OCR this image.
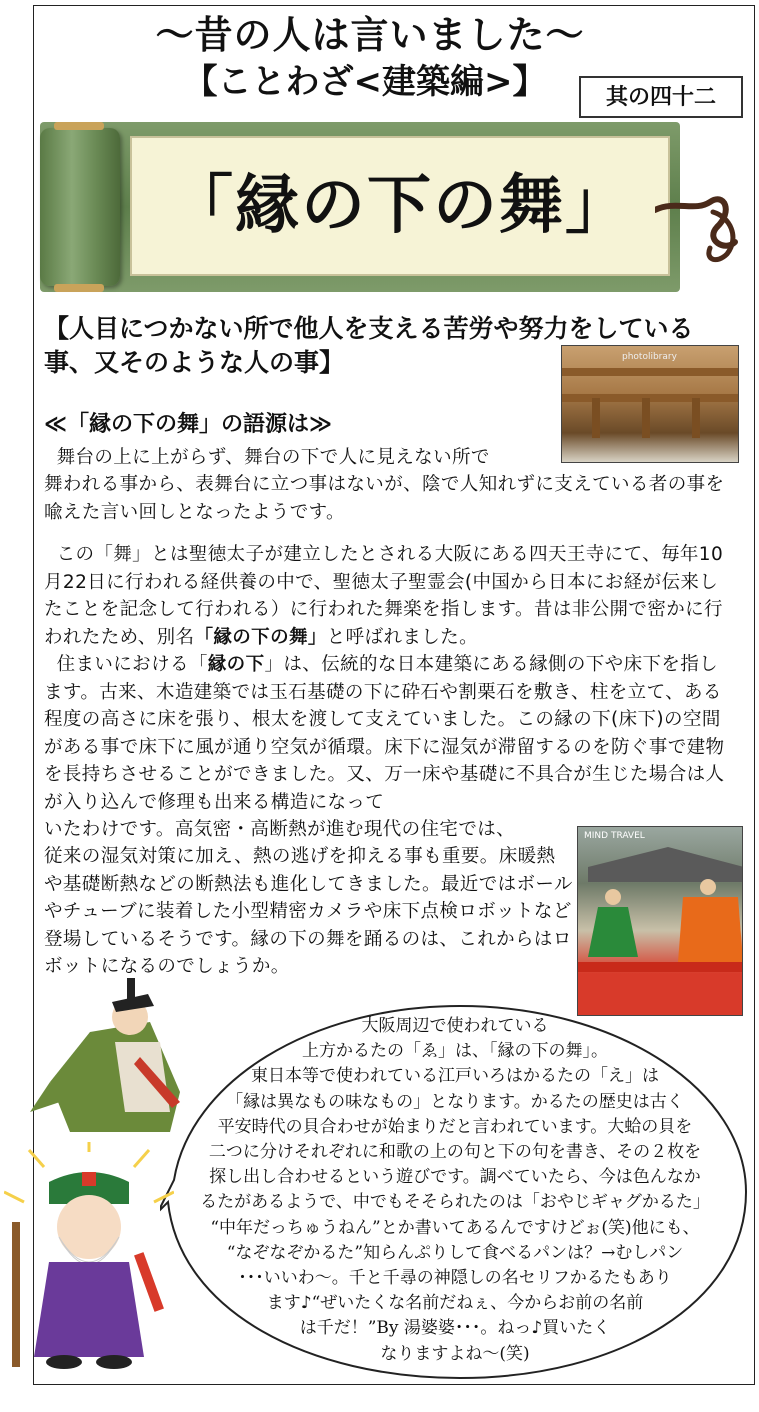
～昔の人は言いました～
【ことわざ<建築編>】	其の四十二
「縁の下の舞」
【人目につかない所で他人を支える苦労や努力をしている事、又そのような人の事】	photolibrary
≪「縁の下の舞」の語源は≫
舞台の上に上がらず、舞台の下で人に見えない所で
舞われる事から、表舞台に立つ事はないが、陰で人知れずに支えている者の事を喩えた言い回しとなったようです。
この「舞」とは聖徳太子が建立したとされる大阪にある四天王寺にて、毎年10月22日に行われる経供養の中で、聖徳太子聖霊会(中国から日本にお経が伝来したことを記念して行われる）に行われた舞楽を指します。昔は非公開で密かに行われたため、別名「縁の下の舞」と呼ばれました。
住まいにおける「縁の下」は、伝統的な日本建築にある縁側の下や床下を指します。古来、木造建築では玉石基礎の下に砕石や割栗石を敷き、柱を立て、ある程度の高さに床を張り、根太を渡して支えていました。この縁の下(床下)の空間がある事で床下に風が通り空気が循環。床下に湿気が滞留するのを防ぐ事で建物を長持ちさせることができました。又、万一床や基礎に不具合が生じた場合は人が入り込んで修理も出来る構造になって
いたわけです。高気密・高断熱が進む現代の住宅では、
従来の湿気対策に加え、熱の逃げを抑える事も重要。床暖熱や基礎断熱などの断熱法も進化してきました。最近ではボールやチューブに装着した小型精密カメラや床下点検ロボットなど登場しているそうです。縁の下の舞を踊るのは、これからはロボットになるのでしょうか。
MIND TRAVEL
大阪周辺で使われている
上方かるたの「ゑ」は、「縁の下の舞」。
東日本等で使われている江戸いろはかるたの「え」は
「縁は異なもの味なもの」となります。かるたの歴史は古く
平安時代の貝合わせが始まりだと言われています。大蛤の貝を
二つに分けそれぞれに和歌の上の句と下の句を書き、その２枚を
探し出し合わせるという遊びです。調べていたら、今は色んなか
るたがあるようで、中でもそそられたのは「おやじギャグかるた」
“中年だっちゅうねん”とか書いてあるんですけどぉ(笑)他にも、
“なぞなぞかるた”知らんぷりして食べるパンは？→むしパン
･･･いいわ～。千と千尋の神隠しの名セリフかるたもあり
ます♪“ぜいたくな名前だねぇ、今からお前の名前
は千だ！”By 湯婆婆･･･。ねっ♪買いたく
なりますよね～(笑)
